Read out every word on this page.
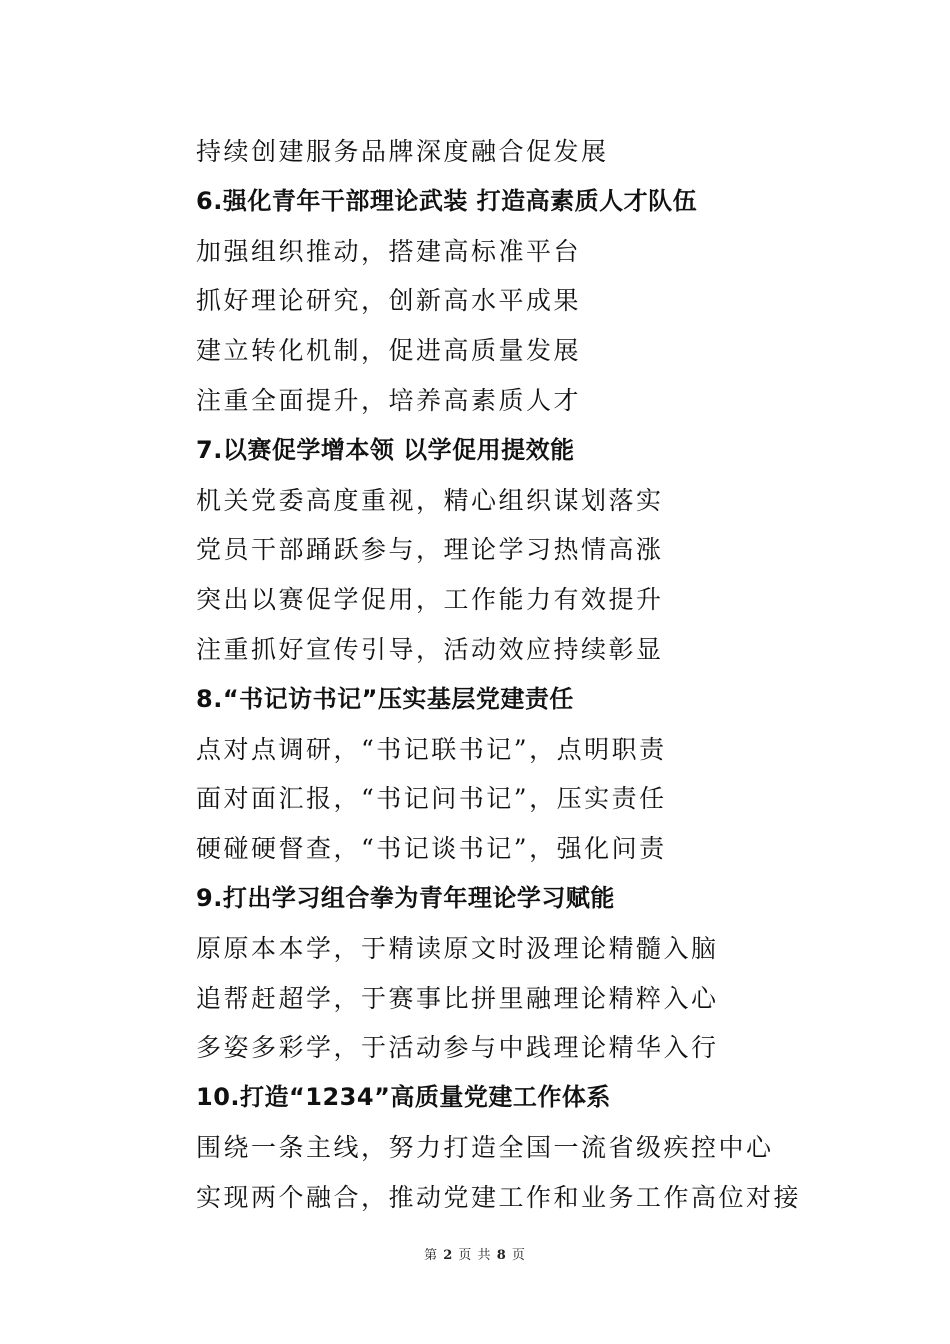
持续创建服务品牌深度融合促发展
6.强化青年干部理论武装 打造高素质人才队伍
加强组织推动，搭建高标准平台
抓好理论研究，创新高水平成果
建立转化机制，促进高质量发展
注重全面提升，培养高素质人才
7.以赛促学增本领 以学促用提效能
机关党委高度重视，精心组织谋划落实
党员干部踊跃参与，理论学习热情高涨
突出以赛促学促用，工作能力有效提升
注重抓好宣传引导，活动效应持续彰显
8.“书记访书记”压实基层党建责任
点对点调研，“书记联书记”，点明职责
面对面汇报，“书记问书记”，压实责任
硬碰硬督查，“书记谈书记”，强化问责
9.打出学习组合拳为青年理论学习赋能
原原本本学，于精读原文时汲理论精髓入脑
追帮赶超学，于赛事比拼里融理论精粹入心
多姿多彩学，于活动参与中践理论精华入行
10.打造“1234”高质量党建工作体系
围绕一条主线，努力打造全国一流省级疾控中心
实现两个融合，推动党建工作和业务工作高位对接
第 2 页 共 8 页
